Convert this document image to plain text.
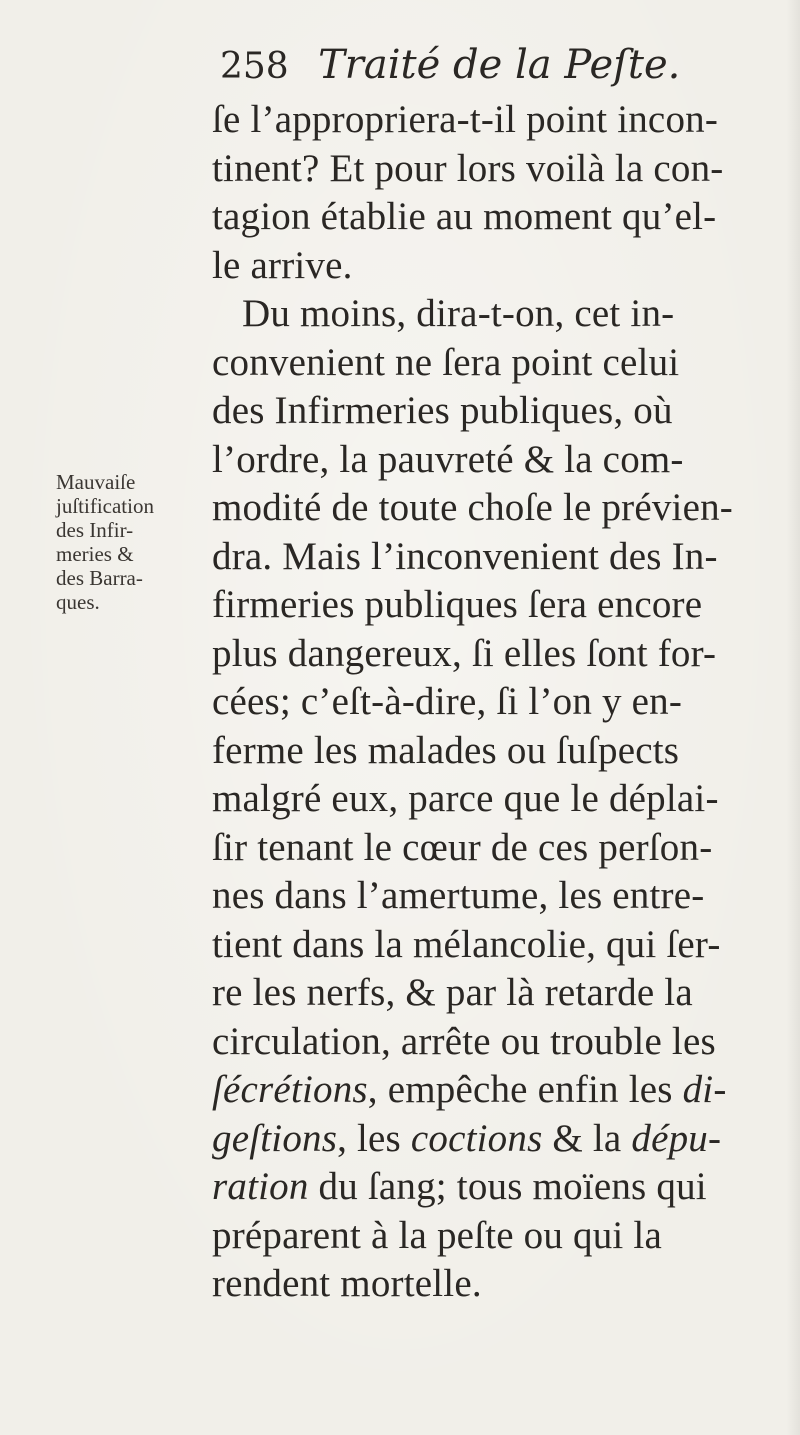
258 Traité de la Peſte.
Mauvaiſe
juſtification
des Infir-
meries &
des Barra-
ques.
ſe l’appropriera-t-il point incon-
tinent? Et pour lors voilà la con-
tagion établie au moment qu’el-
le arrive.
Du moins, dira-t-on, cet in-
convenient ne ſera point celui
des Infirmeries publiques, où
l’ordre, la pauvreté & la com-
modité de toute choſe le prévien-
dra. Mais l’inconvenient des In-
firmeries publiques ſera encore
plus dangereux, ſi elles ſont for-
cées; c’eſt-à-dire, ſi l’on y en-
ferme les malades ou ſuſpects
malgré eux, parce que le déplai-
ſir tenant le cœur de ces perſon-
nes dans l’amertume, les entre-
tient dans la mélancolie, qui ſer-
re les nerfs, & par là retarde la
circulation, arrête ou trouble les
ſécrétions, empêche enfin les di-
geſtions, les coctions & la dépu-
ration du ſang; tous moïens qui
préparent à la peſte ou qui la
rendent mortelle.
